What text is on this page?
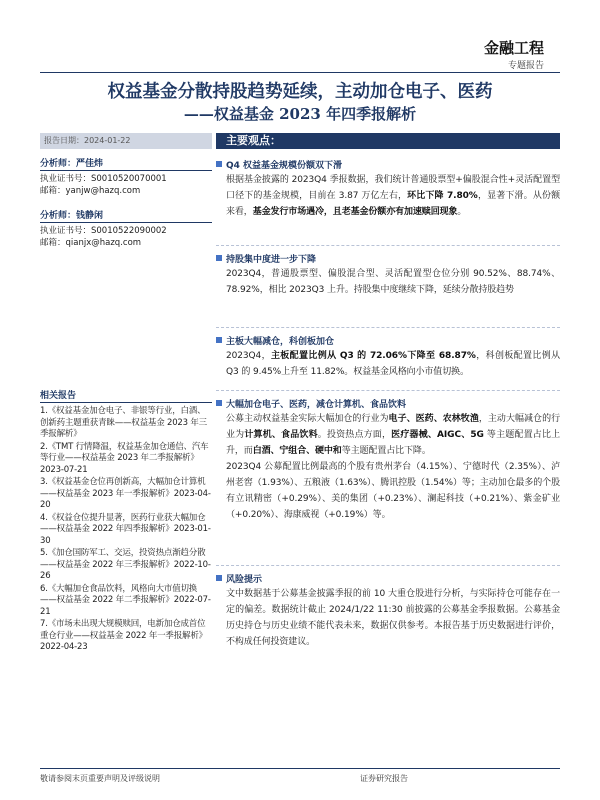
金融工程
专题报告
权益基金分散持股趋势延续，主动加仓电子、医药
——权益基金 2023 年四季报解析
报告日期：2024-01-22	主要观点：
分析师：严佳炜
执业证书号：S0010520070001
邮箱：yanjw@hazq.com
分析师：钱静闲
执业证书号：S0010522090002
邮箱：qianjx@hazq.com
相关报告
1.《权益基金加仓电子、非银等行业，白酒、创新药主题重获青睐——权益基金 2023 年三季报解析》
2.《TMT 行情降温，权益基金加仓通信、汽车等行业——权益基金 2023 年二季报解析》2023-07-21
3.《权益基金仓位再创新高，大幅加仓计算机——权益基金 2023 年一季报解析》2023-04-20
4.《权益仓位提升显著，医药行业获大幅加仓——权益基金 2022 年四季报解析》2023-01-30
5.《加仓国防军工、交运，投资热点渐趋分散——权益基金 2022 年三季报解析》2022-10-26
6.《大幅加仓食品饮料，风格向大市值切换——权益基金 2022 年二季报解析》2022-07-21
7.《市场未出现大规模赎回，电新加仓成首位重仓行业——权益基金 2022 年一季报解析》2022-04-23
Q4 权益基金规模份额双下滑
根据基金披露的 2023Q4 季报数据，我们统计普通股票型+偏股混合性+灵活配置型口径下的基金规模，目前在 3.87 万亿左右，环比下降 7.80%，显著下滑。从份额来看，基金发行市场遇冷，且老基金份额亦有加速赎回现象。
持股集中度进一步下降
2023Q4，普通股票型、偏股混合型、灵活配置型仓位分别 90.52%、88.74%、78.92%，相比 2023Q3 上升。持股集中度继续下降，延续分散持股趋势
主板大幅减仓，科创板加仓
2023Q4，主板配置比例从 Q3 的 72.06%下降至 68.87%，科创板配置比例从 Q3 的 9.45%上升至 11.82%。权益基金风格向小市值切换。
大幅加仓电子、医药，减仓计算机、食品饮料
公募主动权益基金实际大幅加仓的行业为电子、医药、农林牧渔，主动大幅减仓的行业为计算机、食品饮料。投资热点方面，医疗器械、AIGC、5G 等主题配置占比上升，而白酒、宁组合、硬中和等主题配置占比下降。
2023Q4 公募配置比例最高的个股有贵州茅台（4.15%）、宁德时代（2.35%）、泸州老窖（1.93%）、五粮液（1.63%）、腾讯控股（1.54%）等；主动加仓最多的个股有立讯精密（+0.29%）、美的集团（+0.23%）、澜起科技（+0.21%）、紫金矿业（+0.20%）、海康威视（+0.19%）等。
风险提示
文中数据基于公募基金披露季报的前 10 大重仓股进行分析，与实际持仓可能存在一定的偏差。数据统计截止 2024/1/22 11:30 前披露的公募基金季报数据。公募基金历史持仓与历史业绩不能代表未来，数据仅供参考。本报告基于历史数据进行评价，不构成任何投资建议。
敬请参阅末页重要声明及评级说明	证券研究报告
